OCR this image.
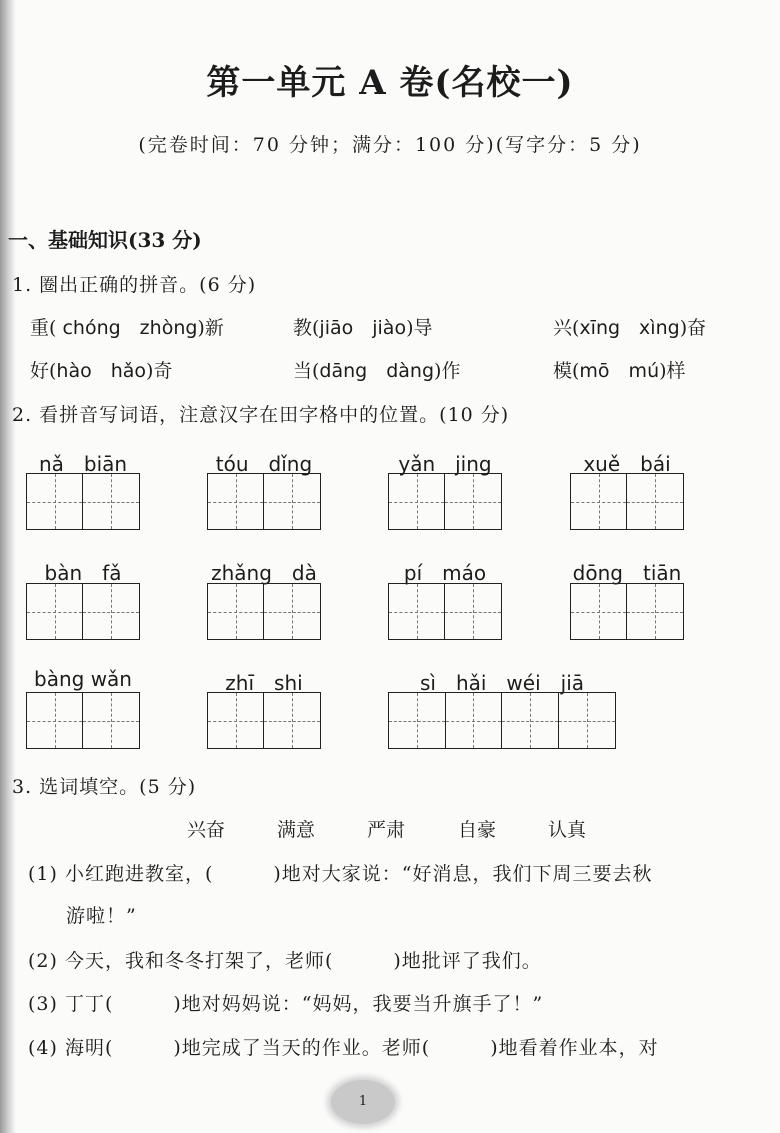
第一单元 A 卷(名校一)
(完卷时间：70 分钟；满分：100 分)(写字分：5 分)
一、基础知识(33 分)
1. 圈出正确的拼音。(6 分)
重( chóng　zhòng)新	教(jiāo　jiào)导	兴(xīng　xìng)奋
好(hào　hǎo)奇	当(dāng　dàng)作	模(mō　mú)样
2. 看拼音写词语，注意汉字在田字格中的位置。(10 分)
nǎ　biān	tóu　dǐng	yǎn　jing	xuě　bái
bàn　fǎ	zhǎng　dà	pí　máo	dōng　tiān
bàng wǎn	zhī　shi	sì　hǎi　wéi　jiā
3. 选词填空。(5 分)
兴奋	满意	严肃	自豪	认真
(1) 小红跑进教室，(　　　)地对大家说：“好消息，我们下周三要去秋
游啦！”
(2) 今天，我和冬冬打架了，老师(　　　)地批评了我们。
(3) 丁丁(　　　)地对妈妈说：“妈妈，我要当升旗手了！”
(4) 海明(　　　)地完成了当天的作业。老师(　　　)地看着作业本，对
1
